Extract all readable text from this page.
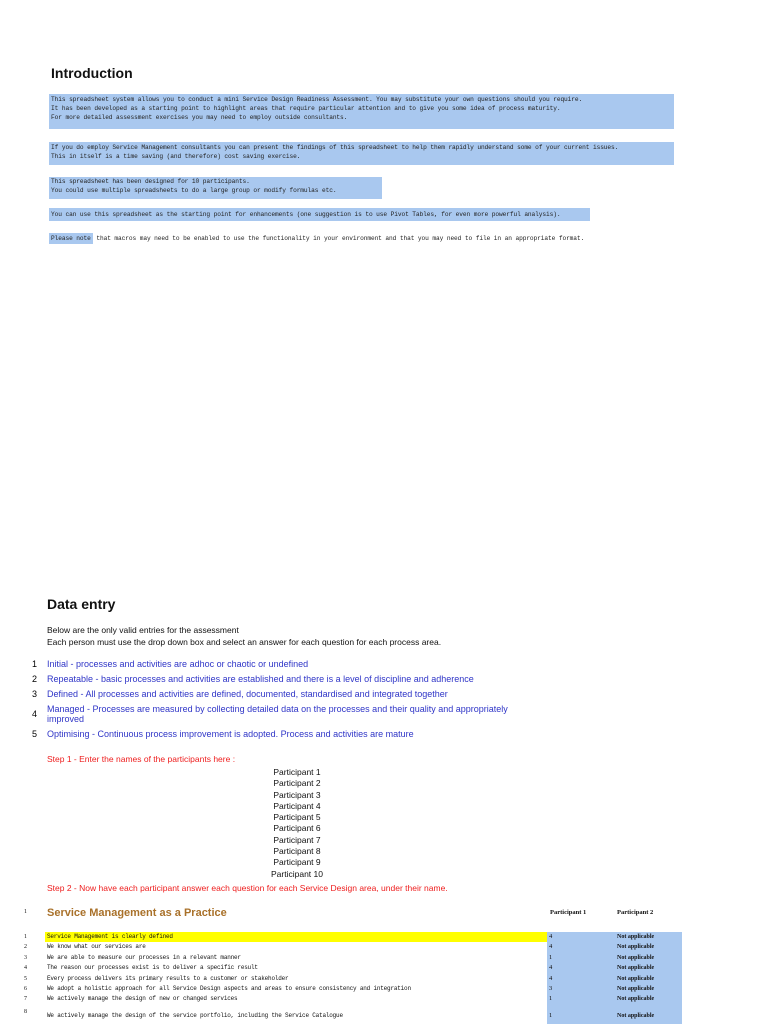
Introduction
This spreadsheet system allows you to conduct a mini Service Design Readiness Assessment. You may substitute your own questions should you require.
It has been developed as a starting point to highlight areas that require particular attention and to give you some idea of process maturity.
For more detailed assessment exercises you may need to employ outside consultants.
If you do employ Service Management consultants you can present the findings of this spreadsheet to help them rapidly understand some of your current issues.
This in itself is a time saving (and therefore) cost saving exercise.
This spreadsheet has been designed for 10 participants.
You could use multiple spreadsheets to do a large group or modify formulas etc.
You can use this spreadsheet as the starting point for enhancements (one suggestion is to use Pivot Tables, for even more powerful analysis).
Please note that macros may need to be enabled to use the functionality in your environment and that you may need to file in an appropriate format.
Data entry
Below are the only valid entries for the assessment
Each person must use the drop down box and select an answer for each question for each process area.
1 Initial - processes and activities are adhoc or chaotic or undefined
2 Repeatable - basic processes and activities are established and there is a level of discipline and adherence
3 Defined - All processes and activities are defined, documented, standardised and integrated together
4 Managed - Processes are measured by collecting detailed data on the processes and their quality and appropriately improved
5 Optimising - Continuous process improvement is adopted. Process and activities are mature
Step 1 - Enter the names of the participants here :
Participant 1
Participant 2
Participant 3
Participant 4
Participant 5
Participant 6
Participant 7
Participant 8
Participant 9
Participant 10
Step 2 - Now have each participant answer each question for each Service Design area, under their name.
1 Service Management as a Practice	Participant 1	Participant 2
1	Service Management is clearly defined	4	Not applicable
2	We know what our services are	4	Not applicable
3	We are able to measure our processes in a relevant manner	1	Not applicable
4	The reason our processes exist is to deliver a specific result	4	Not applicable
5	Every process delivers its primary results to a customer or stakeholder	4	Not applicable
6	We adopt a holistic approach for all Service Design aspects and areas to ensure consistency and integration	3	Not applicable
7	We actively manage the design of new or changed services	1	Not applicable
8	We actively manage the design of the service portfolio, including the Service Catalogue	1	Not applicable
